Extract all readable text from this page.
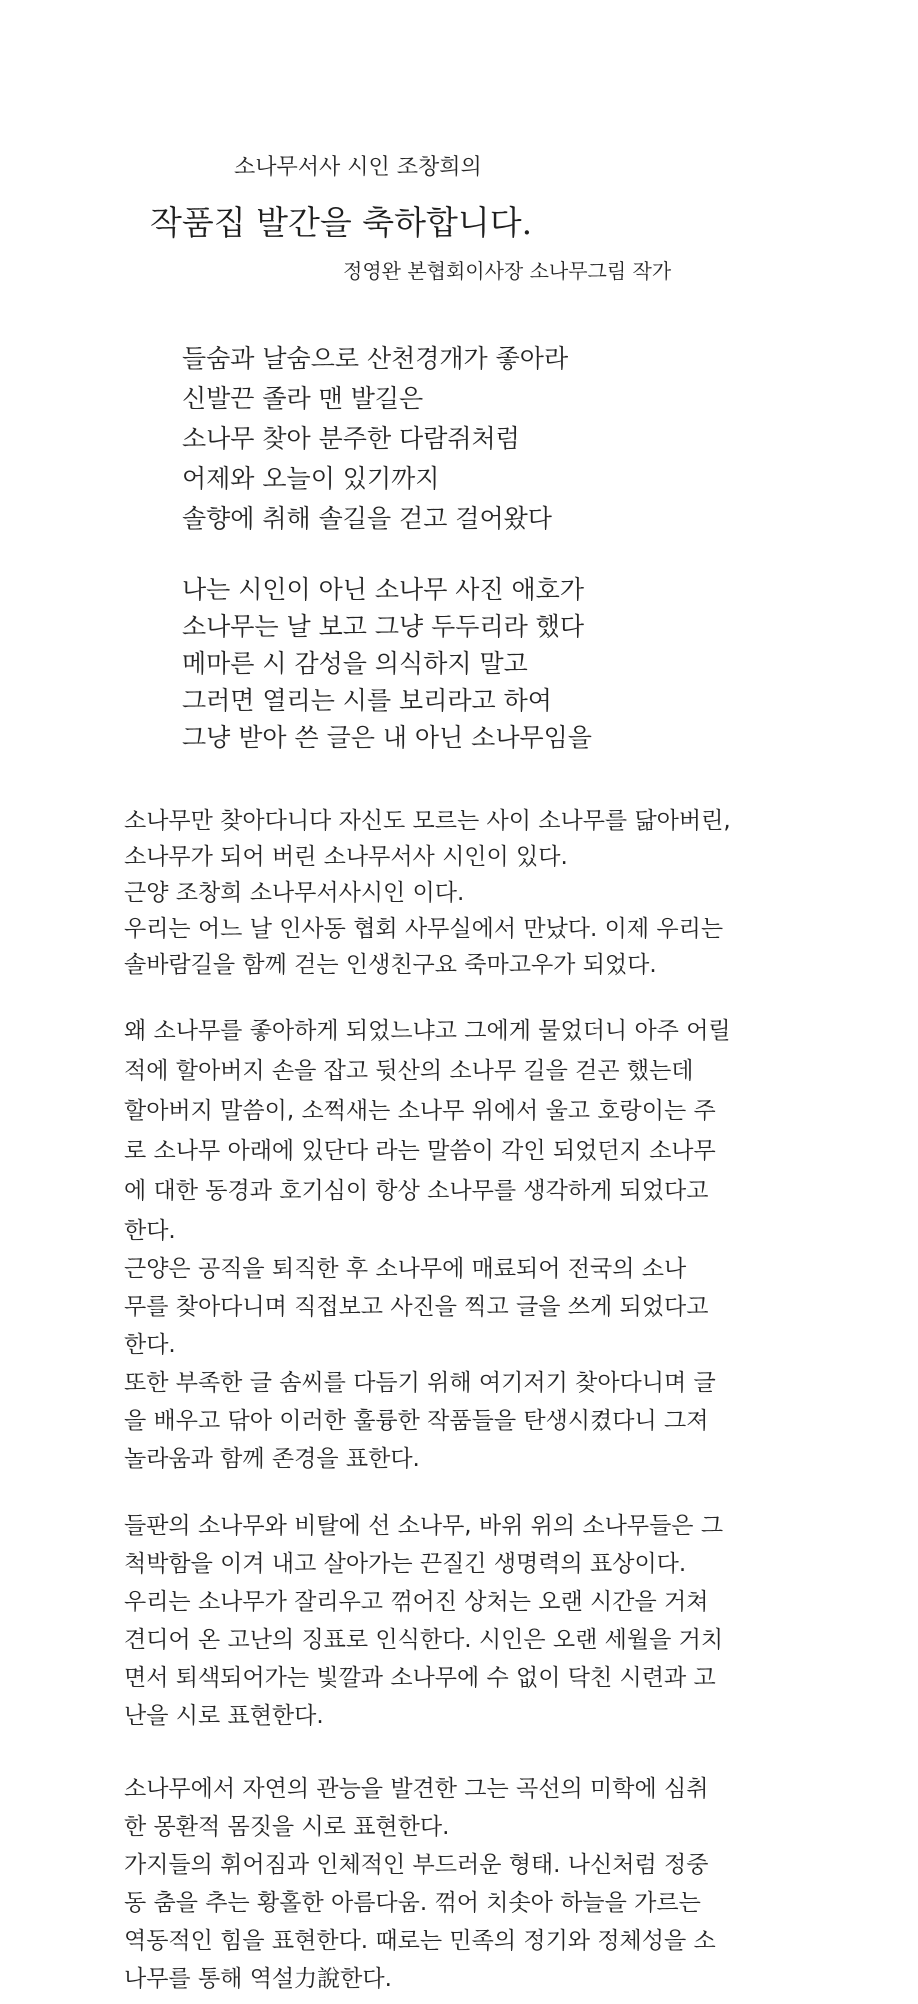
소나무서사 시인 조창희의
작품집 발간을 축하합니다.
정영완 본협회이사장 소나무그림 작가
들숨과 날숨으로 산천경개가 좋아라
신발끈 졸라 맨 발길은
소나무 찾아 분주한 다람쥐처럼
어제와 오늘이 있기까지
솔향에 취해 솔길을 걷고 걸어왔다
나는 시인이 아닌 소나무 사진 애호가
소나무는 날 보고 그냥 두두리라 했다
메마른 시 감성을 의식하지 말고
그러면 열리는 시를 보리라고 하여
그냥 받아 쓴 글은 내 아닌 소나무임을
소나무만 찾아다니다 자신도 모르는 사이 소나무를 닮아버린,
소나무가 되어 버린 소나무서사 시인이 있다.
근양 조창희 소나무서사시인 이다.
우리는 어느 날 인사동 협회 사무실에서 만났다. 이제 우리는
솔바람길을 함께 걷는 인생친구요 죽마고우가 되었다.
왜 소나무를 좋아하게 되었느냐고 그에게 물었더니 아주 어릴
적에 할아버지 손을 잡고 뒷산의 소나무 길을 걷곤 했는데
할아버지 말씀이, 소쩍새는 소나무 위에서 울고 호랑이는 주
로 소나무 아래에 있단다 라는 말씀이 각인 되었던지 소나무
에 대한 동경과 호기심이 항상 소나무를 생각하게 되었다고
한다.
근양은 공직을 퇴직한 후 소나무에 매료되어 전국의 소나
무를 찾아다니며 직접보고 사진을 찍고 글을 쓰게 되었다고
한다.
또한 부족한 글 솜씨를 다듬기 위해 여기저기 찾아다니며 글
을 배우고 닦아 이러한 훌륭한 작품들을 탄생시켰다니 그져
놀라움과 함께 존경을 표한다.
들판의 소나무와 비탈에 선 소나무, 바위 위의 소나무들은 그
척박함을 이겨 내고 살아가는 끈질긴 생명력의 표상이다.
우리는 소나무가 잘리우고 꺾어진 상처는 오랜 시간을 거쳐
견디어 온 고난의 징표로 인식한다. 시인은 오랜 세월을 거치
면서 퇴색되어가는 빛깔과 소나무에 수 없이 닥친 시련과 고
난을 시로 표현한다.
소나무에서 자연의 관능을 발견한 그는 곡선의 미학에 심취
한 몽환적 몸짓을 시로 표현한다.
가지들의 휘어짐과 인체적인 부드러운 형태. 나신처럼 정중
동 춤을 추는 황홀한 아름다움. 꺾어 치솟아 하늘을 가르는
역동적인 힘을 표현한다. 때로는 민족의 정기와 정체성을 소
나무를 통해 역설力說한다.
